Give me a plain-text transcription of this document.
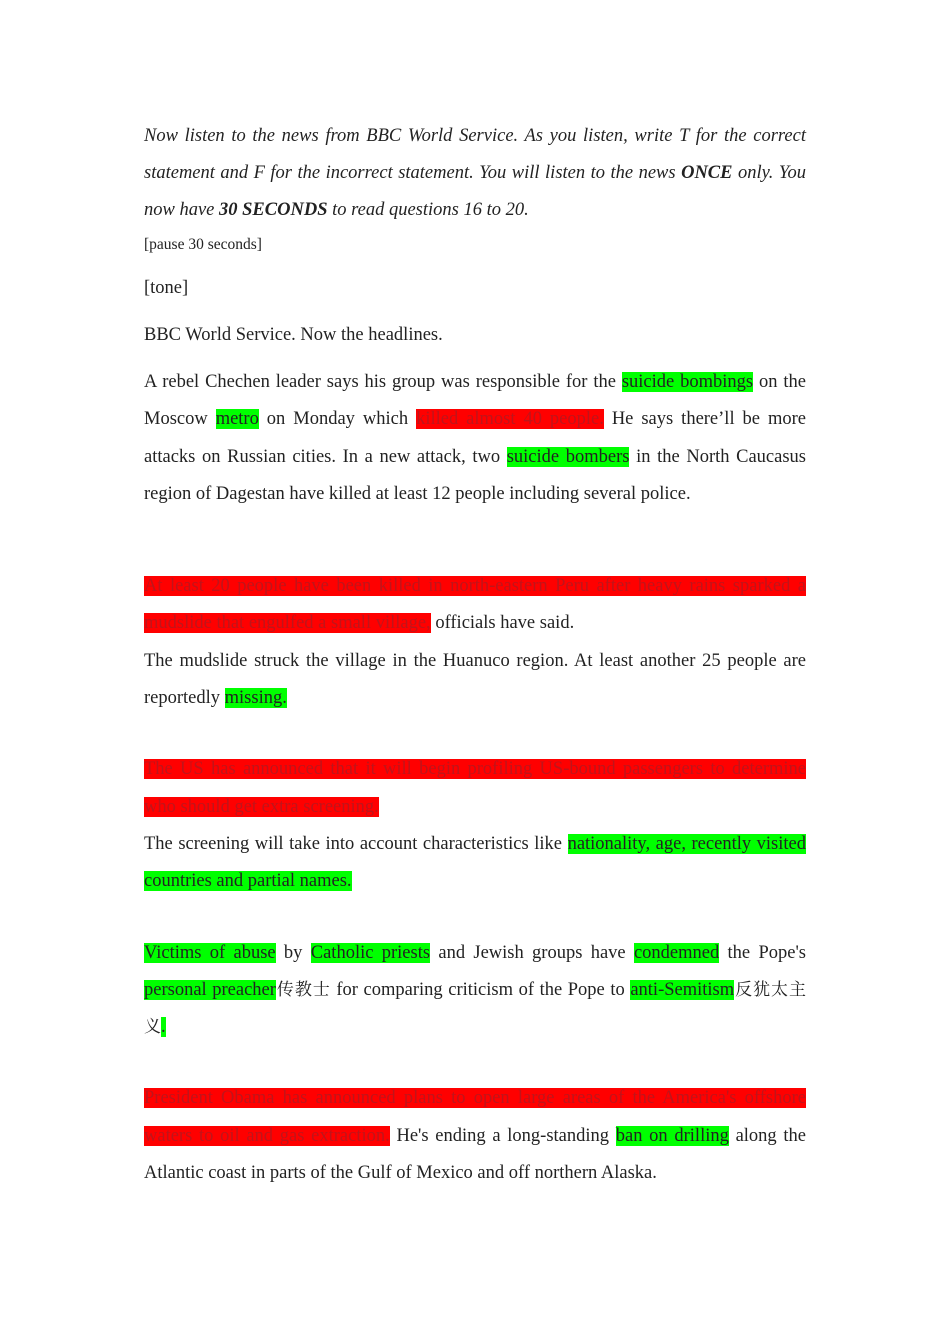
Now listen to the news from BBC World Service. As you listen, write T for the correct statement and F for the incorrect statement. You will listen to the news ONCE only. You now have 30 SECONDS to read questions 16 to 20.

[pause 30 seconds]

[tone]

BBC World Service. Now the headlines.

A rebel Chechen leader says his group was responsible for the suicide bombings on the Moscow metro on Monday which killed almost 40 people. He says there’ll be more attacks on Russian cities. In a new attack, two suicide bombers in the North Caucasus region of Dagestan have killed at least 12 people including several police.

At least 20 people have been killed in north-eastern Peru after heavy rains sparked a mudslide that engulfed a small village, officials have said.

The mudslide struck the village in the Huanuco region. At least another 25 people are reportedly missing.

The US has announced that it will begin profiling US-bound passengers to determine who should get extra screening.

The screening will take into account characteristics like nationality, age, recently visited countries and partial names.

Victims of abuse by Catholic priests and Jewish groups have condemned the Pope's personal preacher传教士 for comparing criticism of the Pope to anti-Semitism反犹太主义.

President Obama has announced plans to open large areas of the America's offshore waters to oil and gas extraction. He's ending a long-standing ban on drilling along the Atlantic coast in parts of the Gulf of Mexico and off northern Alaska.
